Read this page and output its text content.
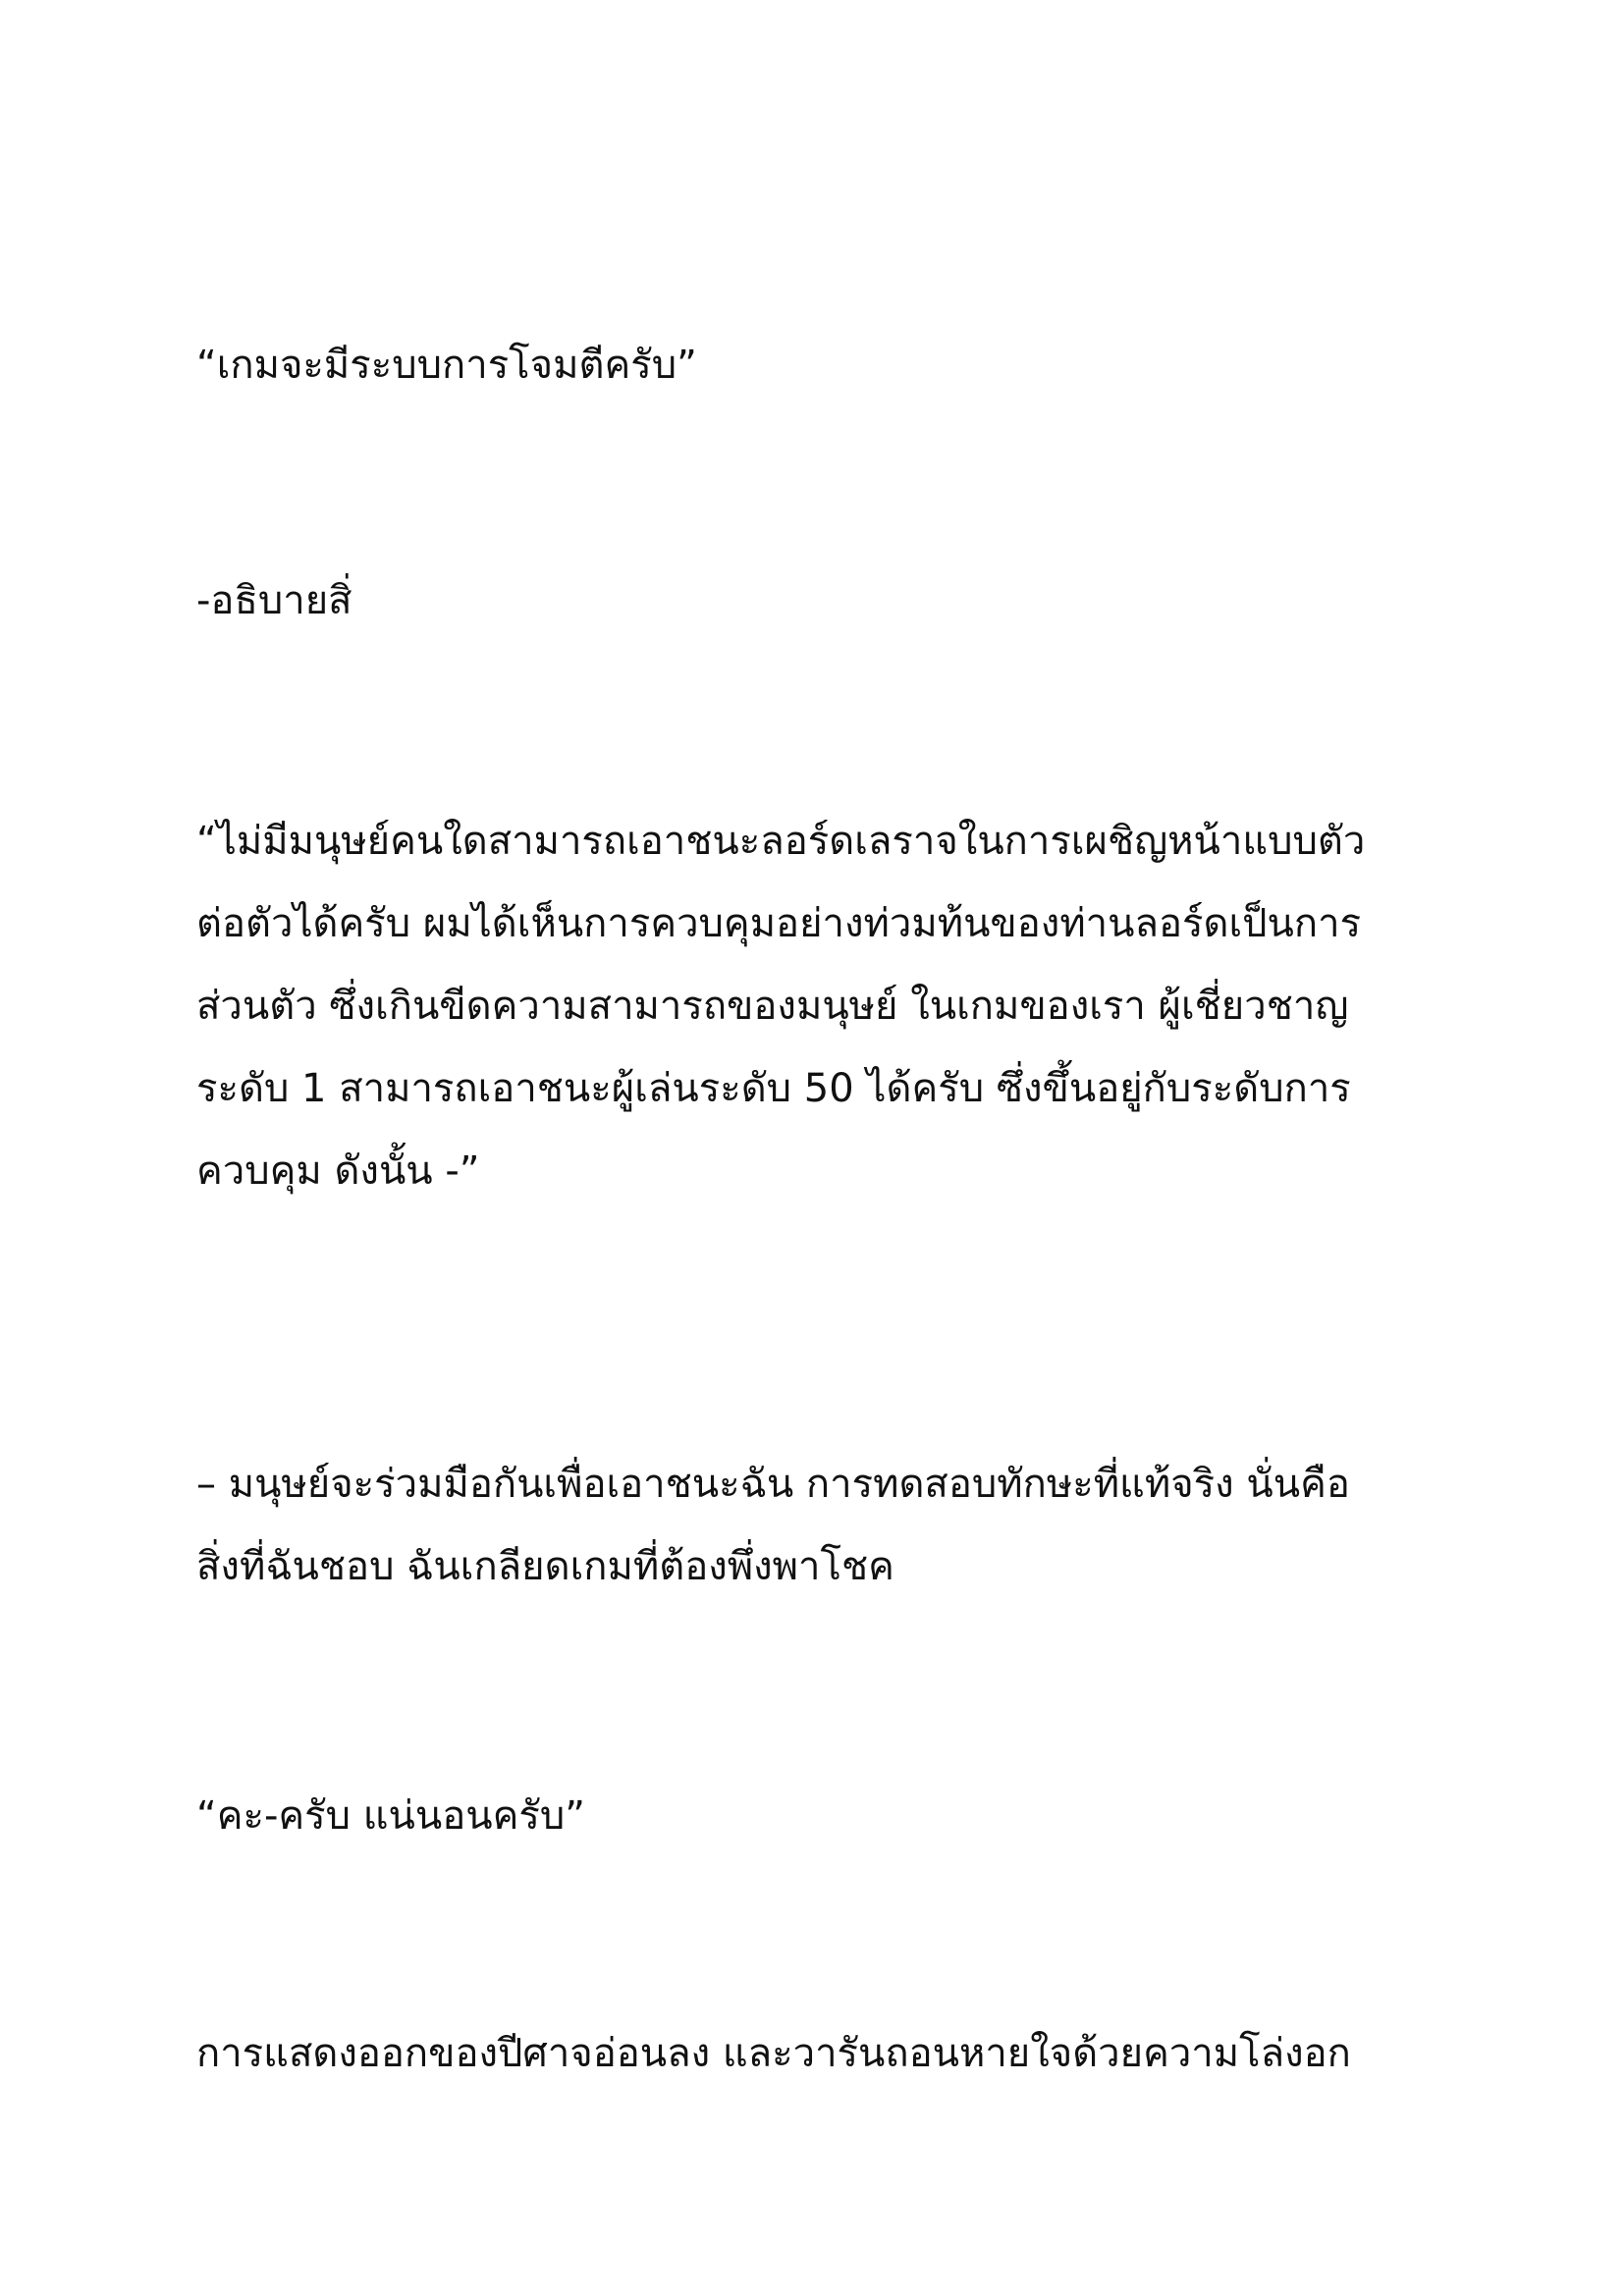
“เกมจะมีระบบการโจมตีครับ”

-อธิบายสิ่

“ไม่มีมนุษย์คนใดสามารถเอาชนะลอร์ดเลราจในการเผชิญหน้าแบบตัว
ต่อตัวได้ครับ ผมได้เห็นการควบคุมอย่างท่วมท้นของท่านลอร์ดเป็นการ
ส่วนตัว ซึ่งเกินขีดความสามารถของมนุษย์ ในเกมของเรา ผู้เชี่ยวชาญ
ระดับ 1 สามารถเอาชนะผู้เล่นระดับ 50 ได้ครับ ซึ่งขึ้นอยู่กับระดับการ
ควบคุม ดังนั้น -”

– มนุษย์จะร่วมมือกันเพื่อเอาชนะฉัน การทดสอบทักษะที่แท้จริง นั่นคือ
สิ่งที่ฉันชอบ ฉันเกลียดเกมที่ต้องพึ่งพาโชค

“คะ-ครับ แน่นอนครับ”

การแสดงออกของปีศาจอ่อนลง และวารันถอนหายใจด้วยความโล่งอก
